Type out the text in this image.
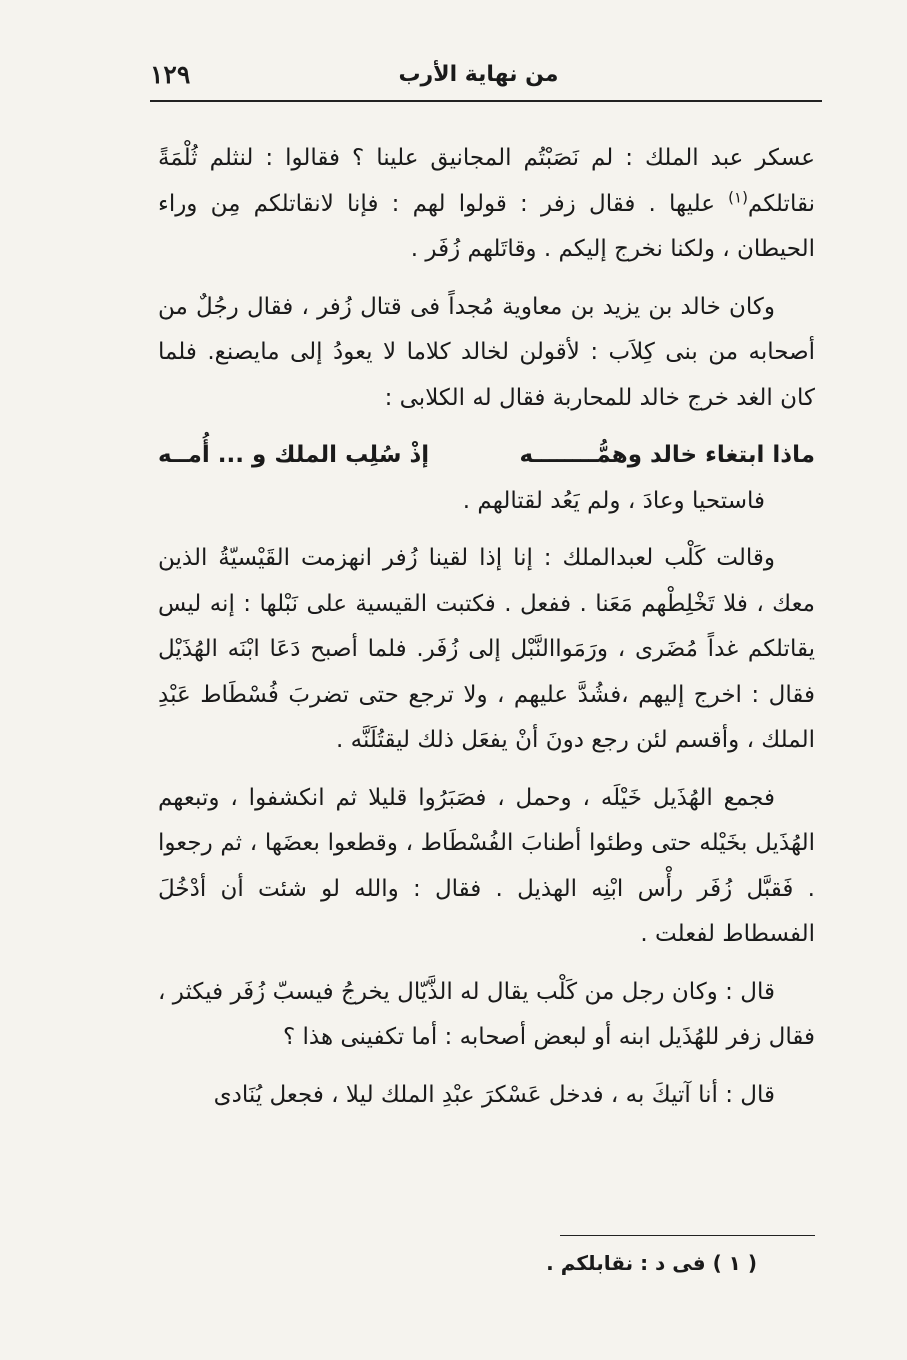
١٢٩	من نهاية الأرب

عسكر عبد الملك : لم نَصَبْتُم المجانيق علينا ؟ فقالوا : لنثلم ثُلْمَةً نقاتلكم$^{(١)}$ عليها . فقال زفر : قولوا لهم : فإنا لانقاتلكم مِن وراء الحيطان ، ولكنا نخرج إليكم . وقاتَلهم زُفَر .

وكان خالد بن يزيد بن معاوية مُجداً فى قتال زُفر ، فقال رجُلٌ من أصحابه من بنى كِلاَب : لأقولن لخالد كلاما لا يعودُ إلى مايصنع. فلما كان الغد خرج خالد للمحاربة فقال له الكلابى :

ماذا ابتغاء خالد وهمُّــــــــه
إذْ سُلِب الملك و ... أُمــه

فاستحيا وعادَ ، ولم يَعُد لقتالهم .

وقالت كَلْب لعبدالملك : إنا إذا لقينا زُفر انهزمت القَيْسيّةُ الذين معك ، فلا تَخْلِطْهم مَعَنا . ففعل . فكتبت القيسية على نَبْلها : إنه ليس يقاتلكم غداً مُضَرى ، ورَمَواالنَّبْل إلى زُفَر. فلما أصبح دَعَا ابْنَه الهُذَيْل فقال : اخرج إليهم ،فشُدَّ عليهم ، ولا ترجع حتى تضربَ فُسْطَاط عَبْدِ الملك ، وأقسم لئن رجع دونَ أنْ يفعَل ذلك ليقتُلَنَّه .

فجمع الهُذَيل خَيْلَه ، وحمل ، فصَبَرُوا قليلا ثم انكشفوا ، وتبعهم الهُذَيل بخَيْله حتى وطئوا أطنابَ الفُسْطَاط ، وقطعوا بعضَها ، ثم رجعوا . فَقبَّل زُفَر رأْس ابْنِه الهذيل . فقال : والله لو شئت أن أدْخُلَ الفسطاط لفعلت .

قال : وكان رجل من كَلْب يقال له الذَّيّال يخرجُ فيسبّ زُفَر فيكثر ، فقال زفر للهُذَيل ابنه أو لبعض أصحابه : أما تكفينى هذا ؟

قال : أنا آتيكَ به ، فدخل عَسْكرَ عبْدِ الملك ليلا ، فجعل يُنَادى

( ١ ) فى د : نقابلكم .
